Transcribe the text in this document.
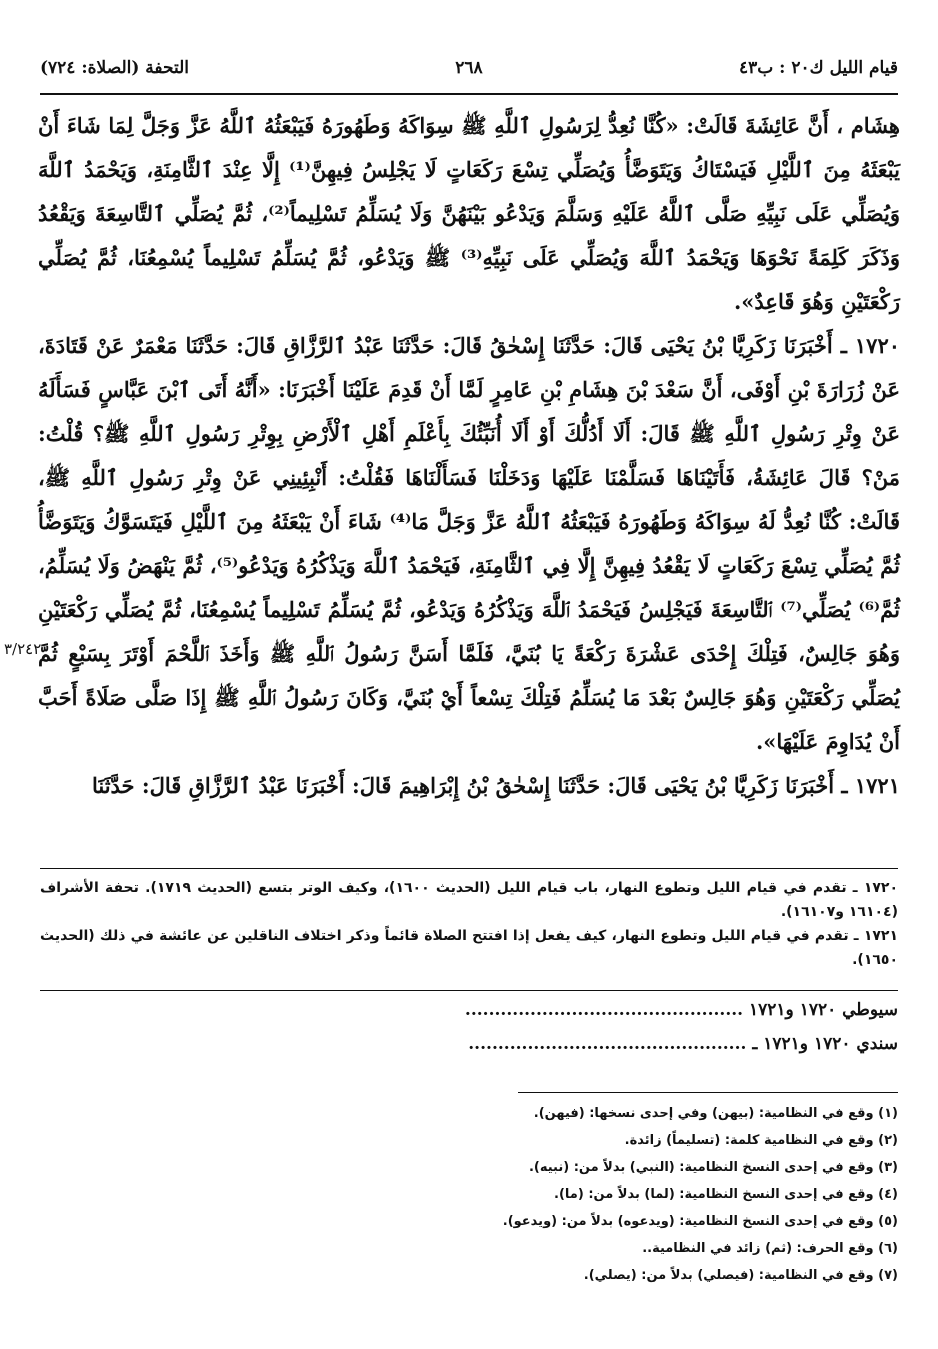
قيام الليل ك٢٠ : ب٤٣
٢٦٨
التحفة (الصلاة: ٧٢٤)
٣/٢٤٢

هِشَام ، أَنَّ عَائِشَةَ قَالَتْ: «كُنَّا نُعِدُّ لِرَسُولِ ٱللَّهِ ﷺ سِوَاكَهُ وَطَهُورَهُ فَيَبْعَثُهُ ٱللَّهُ عَزَّ وَجَلَّ لِمَا شَاءَ أَنْ يَبْعَثَهُ مِنَ ٱللَّيْلِ فَيَسْتَاكُ وَيَتَوَضَّأُ وَيُصَلِّي تِسْعَ رَكَعَاتٍ لَا يَجْلِسُ فِيهِنَّ⁽¹⁾ إِلَّا عِنْدَ ٱلثَّامِنَةِ، وَيَحْمَدُ ٱللَّهَ وَيُصَلِّي عَلَى نَبِيِّهِ صَلَّى ٱللَّهُ عَلَيْهِ وَسَلَّمَ وَيَدْعُو بَيْنَهُنَّ وَلَا يُسَلِّمُ تَسْلِيماً⁽²⁾، ثُمَّ يُصَلِّي ٱلتَّاسِعَةَ وَيَقْعُدُ وَذَكَرَ كَلِمَةً نَحْوَهَا وَيَحْمَدُ ٱللَّهَ وَيُصَلِّي عَلَى نَبِيِّهِ⁽³⁾ ﷺ وَيَدْعُو، ثُمَّ يُسَلِّمُ تَسْلِيماً يُسْمِعُنَا، ثُمَّ يُصَلِّي رَكْعَتَيْنِ وَهُوَ قَاعِدٌ».

١٧٢٠ ـ أَخْبَرَنَا زَكَرِيَّا بْنُ يَحْيَى قَالَ: حَدَّثَنَا إِسْحٰقُ قَالَ: حَدَّثَنَا عَبْدُ ٱلرَّزَّاقِ قَالَ: حَدَّثَنَا مَعْمَرٌ عَنْ قَتَادَةَ، عَنْ زُرَارَةَ بْنِ أَوْفَى، أَنَّ سَعْدَ بْنَ هِشَامِ بْنِ عَامِرٍ لَمَّا أَنْ قَدِمَ عَلَيْنَا أَخْبَرَنَا: «أَنَّهُ أَتَى ٱبْنَ عَبَّاسٍ فَسَأَلَهُ عَنْ وِتْرِ رَسُولِ ٱللَّهِ ﷺ قَالَ: أَلَا أَدُلُّكَ أَوْ أَلَا أُنَبِّئُكَ بِأَعْلَمِ أَهْلِ ٱلْأَرْضِ بِوِتْرِ رَسُولِ ٱللَّهِ ﷺ؟ قُلْتُ: مَنْ؟ قَالَ عَائِشَةُ، فَأَتَيْنَاهَا فَسَلَّمْنَا عَلَيْهَا وَدَخَلْنَا فَسَأَلْنَاهَا فَقُلْتُ: أَنْبِئِينِي عَنْ وِتْرِ رَسُولِ ٱللَّهِ ﷺ، قَالَتْ: كُنَّا نُعِدُّ لَهُ سِوَاكَهُ وَطَهُورَهُ فَيَبْعَثُهُ ٱللَّهُ عَزَّ وَجَلَّ مَا⁽⁴⁾ شَاءَ أَنْ يَبْعَثَهُ مِنَ ٱللَّيْلِ فَيَتَسَوَّكُ وَيَتَوَضَّأُ ثُمَّ يُصَلِّي تِسْعَ رَكَعَاتٍ لَا يَقْعُدُ فِيهِنَّ إِلَّا فِي ٱلثَّامِنَةِ، فَيَحْمَدُ ٱللَّهَ وَيَذْكُرُهُ وَيَدْعُو⁽⁵⁾، ثُمَّ يَنْهَضُ وَلَا يُسَلِّمُ، ثُمَّ⁽⁶⁾ يُصَلِّي⁽⁷⁾ ٱلتَّاسِعَةَ فَيَجْلِسُ فَيَحْمَدُ ٱللَّهَ وَيَذْكُرُهُ وَيَدْعُو، ثُمَّ يُسَلِّمُ تَسْلِيماً يُسْمِعُنَا، ثُمَّ يُصَلِّي رَكْعَتَيْنِ وَهُوَ جَالِسٌ، فَتِلْكَ إِحْدَى عَشْرَةَ رَكْعَةً يَا بُنَيَّ، فَلَمَّا أَسَنَّ رَسُولُ ٱللَّهِ ﷺ وَأَخَذَ ٱللَّحْمَ أَوْتَرَ بِسَبْعٍ ثُمَّ يُصَلِّي رَكْعَتَيْنِ وَهُوَ جَالِسٌ بَعْدَ مَا يُسَلِّمُ فَتِلْكَ تِسْعاً أَيْ بُنَيَّ، وَكَانَ رَسُولُ ٱللَّهِ ﷺ إِذَا صَلَّى صَلَاةً أَحَبَّ أَنْ يُدَاوِمَ عَلَيْهَا».

١٧٢١ ـ أَخْبَرَنَا زَكَرِيَّا بْنُ يَحْيَى قَالَ: حَدَّثَنَا إِسْحٰقُ بْنُ إِبْرَاهِيمَ قَالَ: أَخْبَرَنَا عَبْدُ ٱلرَّزَّاقِ قَالَ: حَدَّثَنَا

١٧٢٠ ـ تقدم في قيام الليل وتطوع النهار، باب قيام الليل (الحديث ١٦٠٠)، وكيف الوتر بتسع (الحديث ١٧١٩). تحفة الأشراف (١٦١٠٤ و١٦١٠٧).

١٧٢١ ـ تقدم في قيام الليل وتطوع النهار، كيف يفعل إذا افتتح الصلاة قائماً وذكر اختلاف الناقلين عن عائشة في ذلك (الحديث ١٦٥٠).

سيوطي ١٧٢٠ و١٧٢١ ...............................................
سندي ١٧٢٠ و١٧٢١ ـ ...............................................
(١) وقع في النظامية: (بيهن) وفي إحدى نسخها: (فيهن).
(٢) وقع في النظامية كلمة: (تسليماً) زائدة.
(٣) وقع في إحدى النسخ النظامية: (النبي) بدلاً من: (نبيه).
(٤) وقع في إحدى النسخ النظامية: (لما) بدلاً من: (ما).
(٥) وقع في إحدى النسخ النظامية: (ويدعوه) بدلاً من: (ويدعو).
(٦) وقع الحرف: (ثم) زائد في النظامية..
(٧) وقع في النظامية: (فيصلي) بدلاً من: (يصلي).
